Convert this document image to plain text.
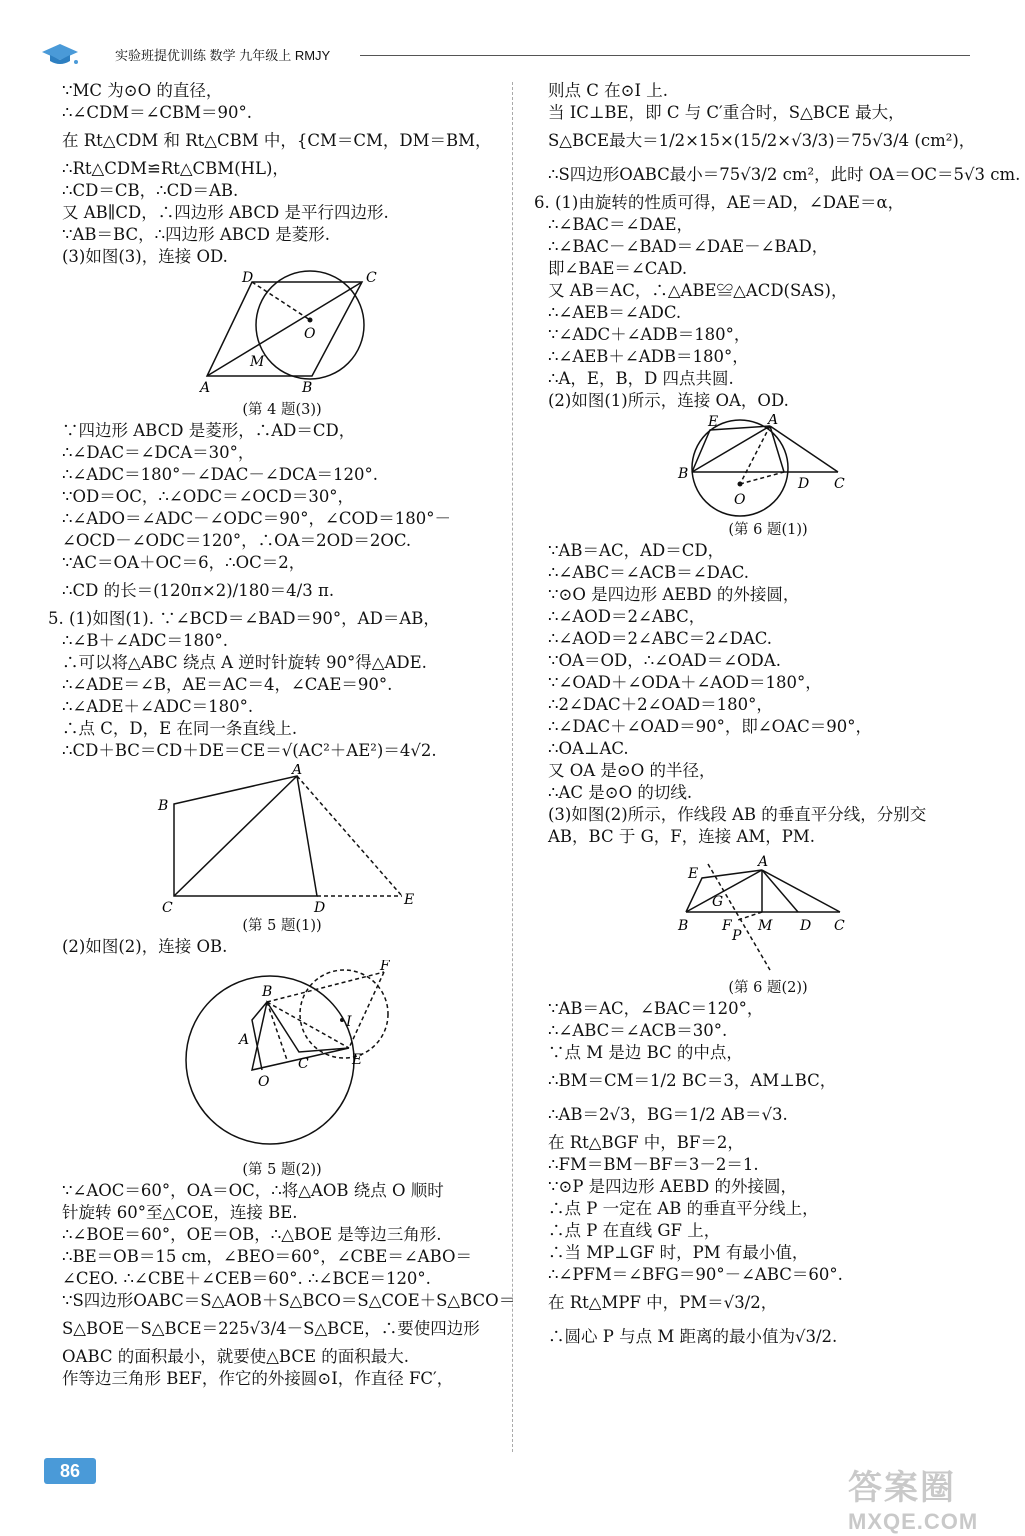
实验班提优训练 数学 九年级上 RMJY
∵MC 为⊙O 的直径，
∴∠CDM＝∠CBM＝90°.
在 Rt△CDM 和 Rt△CBM 中，{CM＝CM，DM＝BM，
∴Rt△CDM≌Rt△CBM(HL)，
∴CD＝CB，∴CD＝AB.
又 AB∥CD，∴四边形 ABCD 是平行四边形.
∵AB＝BC，∴四边形 ABCD 是菱形.
(3)如图(3)，连接 OD.
D	C
O
M
A	B
(第 4 题(3))
∵四边形 ABCD 是菱形，∴AD＝CD，
∴∠DAC＝∠DCA＝30°，
∴∠ADC＝180°－∠DAC－∠DCA＝120°.
∵OD＝OC，∴∠ODC＝∠OCD＝30°，
∴∠ADO＝∠ADC－∠ODC＝90°，∠COD＝180°－
∠OCD－∠ODC＝120°，∴OA＝2OD＝2OC.
∵AC＝OA＋OC＝6，∴OC＝2，
∴CD 的长＝(120π×2)/180＝4/3 π.
5. (1)如图(1). ∵∠BCD＝∠BAD＝90°，AD＝AB，
∴∠B＋∠ADC＝180°.
∴可以将△ABC 绕点 A 逆时针旋转 90°得△ADE.
∴∠ADE＝∠B，AE＝AC＝4，∠CAE＝90°.
∴∠ADE＋∠ADC＝180°.
∴点 C，D，E 在同一条直线上.
∴CD＋BC＝CD＋DE＝CE＝√(AC²＋AE²)＝4√2.
A
B
C	D	E
(第 5 题(1))
(2)如图(2)，连接 OB.
F
B
I
A
C	E
O
(第 5 题(2))
∵∠AOC＝60°，OA＝OC，∴将△AOB 绕点 O 顺时
针旋转 60°至△COE，连接 BE.
∴∠BOE＝60°，OE＝OB，∴△BOE 是等边三角形.
∴BE＝OB＝15 cm，∠BEO＝60°，∠CBE＝∠ABO＝
∠CEO. ∴∠CBE＋∠CEB＝60°. ∴∠BCE＝120°.
∵S四边形OABC＝S△AOB＋S△BCO＝S△COE＋S△BCO＝
S△BOE－S△BCE＝225√3/4－S△BCE，∴要使四边形
OABC 的面积最小，就要使△BCE 的面积最大.
作等边三角形 BEF，作它的外接圆⊙I，作直径 FC′，
则点 C 在⊙I 上.
当 IC⊥BE，即 C 与 C′重合时，S△BCE 最大，
S△BCE最大＝1/2×15×(15/2×√3/3)＝75√3/4 (cm²)，
∴S四边形OABC最小＝75√3/2 cm²，此时 OA＝OC＝5√3 cm.
6. (1)由旋转的性质可得，AE＝AD，∠DAE＝α，
∴∠BAC＝∠DAE，
∴∠BAC－∠BAD＝∠DAE－∠BAD，
即∠BAE＝∠CAD.
又 AB＝AC，∴△ABE≌△ACD(SAS)，
∴∠AEB＝∠ADC.
∵∠ADC＋∠ADB＝180°，
∴∠AEB＋∠ADB＝180°，
∴A，E，B，D 四点共圆.
(2)如图(1)所示，连接 OA，OD.
E	A
B
D C
O
(第 6 题(1))
∵AB＝AC，AD＝CD，
∴∠ABC＝∠ACB＝∠DAC.
∵⊙O 是四边形 AEBD 的外接圆，
∴∠AOD＝2∠ABC，
∴∠AOD＝2∠ABC＝2∠DAC.
∵OA＝OD，∴∠OAD＝∠ODA.
∵∠OAD＋∠ODA＋∠AOD＝180°，
∴2∠DAC＋2∠OAD＝180°，
∴∠DAC＋∠OAD＝90°，即∠OAC＝90°，
∴OA⊥AC.
又 OA 是⊙O 的半径，
∴AC 是⊙O 的切线.
(3)如图(2)所示，作线段 AB 的垂直平分线，分别交
AB，BC 于 G，F，连接 AM，PM.
A
E
G
B F
P
M D C
(第 6 题(2))
∵AB＝AC，∠BAC＝120°，
∴∠ABC＝∠ACB＝30°.
∵点 M 是边 BC 的中点，
∴BM＝CM＝1/2 BC＝3，AM⊥BC，
∴AB＝2√3，BG＝1/2 AB＝√3.
在 Rt△BGF 中，BF＝2，
∴FM＝BM－BF＝3－2＝1.
∵⊙P 是四边形 AEBD 的外接圆，
∴点 P 一定在 AB 的垂直平分线上，
∴点 P 在直线 GF 上，
∴当 MP⊥GF 时，PM 有最小值，
∴∠PFM＝∠BFG＝90°－∠ABC＝60°.
在 Rt△MPF 中，PM＝√3/2，
∴圆心 P 与点 M 距离的最小值为√3/2.
86	答案圈
MXQE.COM
